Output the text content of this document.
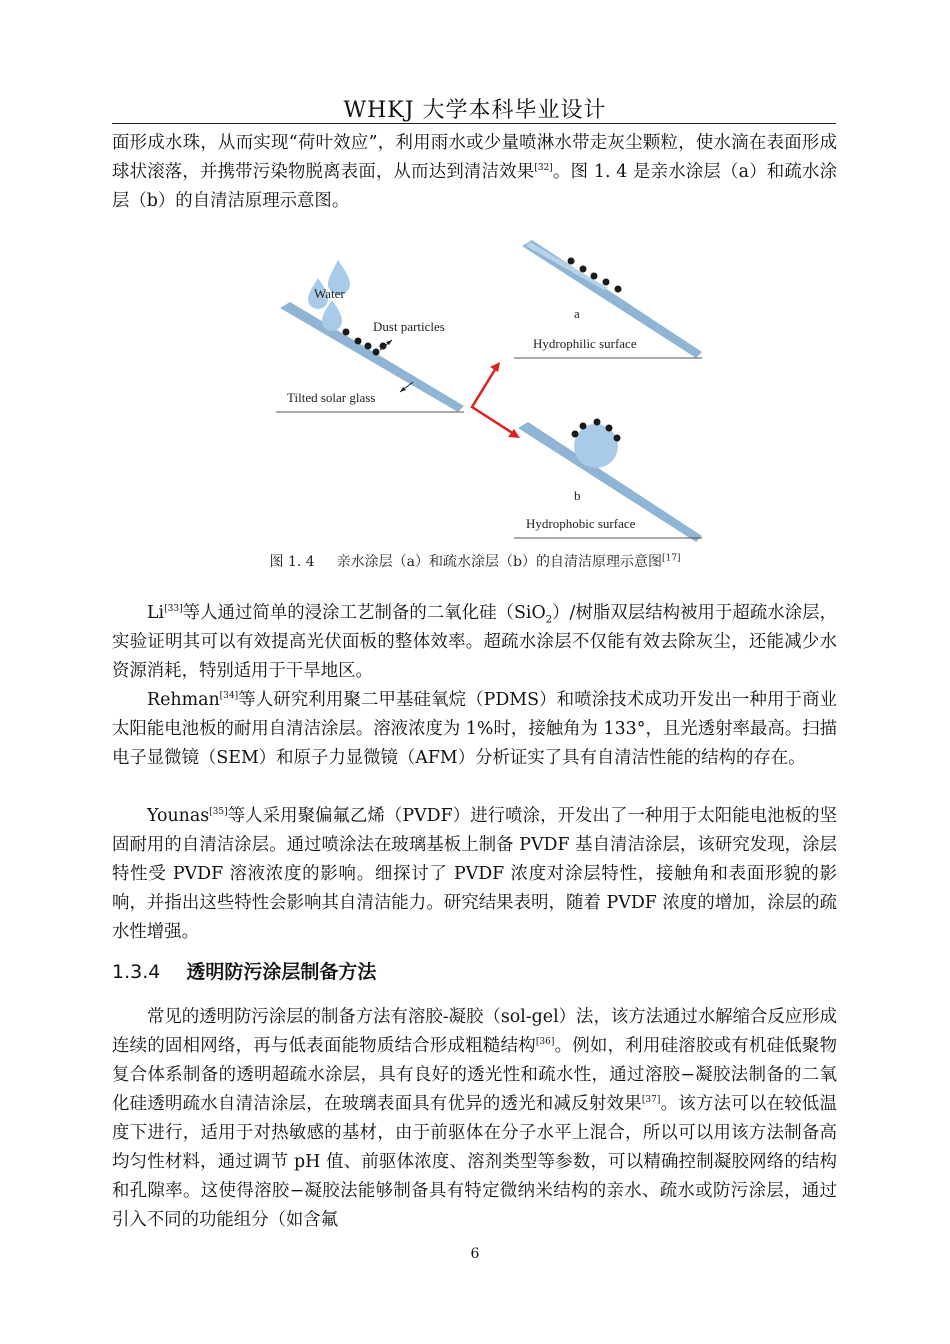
WHKJ 大学本科毕业设计

面形成水珠，从而实现“荷叶效应”，利用雨水或少量喷淋水带走灰尘颗粒，使水滴在表面形成球状滚落，并携带污染物脱离表面，从而达到清洁效果[32]。图 1. 4 是亲水涂层（a）和疏水涂层（b）的自清洁原理示意图。

Water
Dust particles
Tilted solar glass
a
Hydrophilic surface
b
Hydrophobic surface
图 1. 4 亲水涂层（a）和疏水涂层（b）的自清洁原理示意图[17]

Li[33]等人通过简单的浸涂工艺制备的二氧化硅（SiO$_2$）/树脂双层结构被用于超疏水涂层，实验证明其可以有效提高光伏面板的整体效率。超疏水涂层不仅能有效去除灰尘，还能减少水资源消耗，特别适用于干旱地区。

Rehman[34]等人研究利用聚二甲基硅氧烷（PDMS）和喷涂技术成功开发出一种用于商业太阳能电池板的耐用自清洁涂层。溶液浓度为 1%时，接触角为 133°，且光透射率最高。扫描电子显微镜（SEM）和原子力显微镜（AFM）分析证实了具有自清洁性能的结构的存在。

Younas[35]等人采用聚偏氟乙烯（PVDF）进行喷涂，开发出了一种用于太阳能电池板的坚固耐用的自清洁涂层。通过喷涂法在玻璃基板上制备 PVDF 基自清洁涂层，该研究发现，涂层特性受 PVDF 溶液浓度的影响。细探讨了 PVDF 浓度对涂层特性，接触角和表面形貌的影响，并指出这些特性会影响其自清洁能力。研究结果表明，随着 PVDF 浓度的增加，涂层的疏水性增强。

1.3.4 透明防污涂层制备方法

常见的透明防污涂层的制备方法有溶胶-凝胶（sol-gel）法，该方法通过水解缩合反应形成连续的固相网络，再与低表面能物质结合形成粗糙结构[36]。例如，利用硅溶胶或有机硅低聚物复合体系制备的透明超疏水涂层，具有良好的透光性和疏水性，通过溶胶−凝胶法制备的二氧化硅透明疏水自清洁涂层，在玻璃表面具有优异的透光和减反射效果[37]。该方法可以在较低温度下进行，适用于对热敏感的基材，由于前驱体在分子水平上混合，所以可以用该方法制备高均匀性材料，通过调节 pH 值、前驱体浓度、溶剂类型等参数，可以精确控制凝胶网络的结构和孔隙率。这使得溶胶−凝胶法能够制备具有特定微纳米结构的亲水、疏水或防污涂层，通过引入不同的功能组分（如含氟

6
